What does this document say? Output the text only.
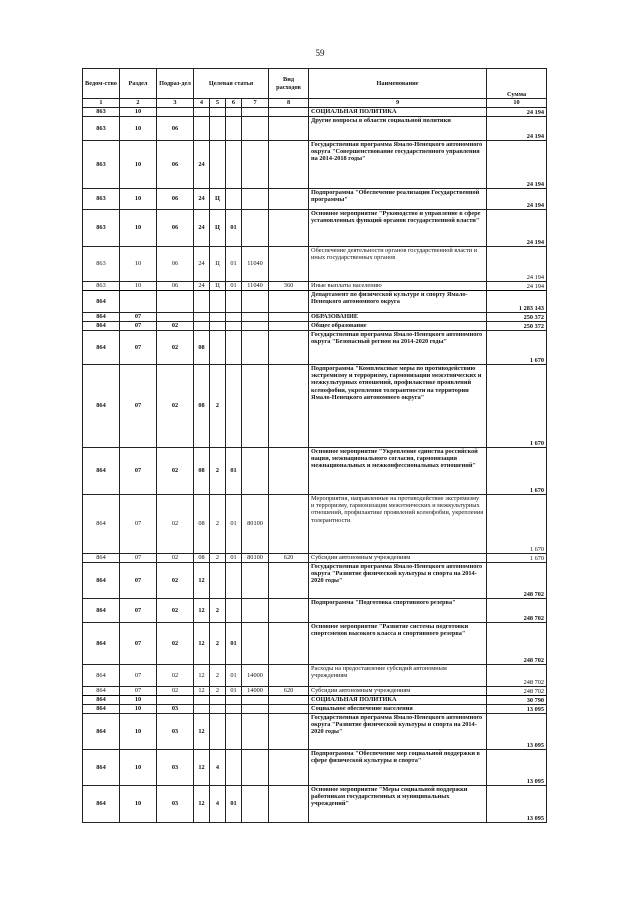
59
Ведом-ство	Раздел	Подраз-дел	Целевая статья				Вид расходов	Наименование	Сумма

1	2	3	4	5	6	7	8	9	10
863	10							СОЦИАЛЬНАЯ ПОЛИТИКА	24 194
863	10	06						Другие вопросы в области социальной политики	24 194
863	10	06	24					Государственная программа Ямало-Ненецкого автономного округа "Совершенствование государственного управления на 2014-2018 годы"	24 194
863	10	06	24	Ц				Подпрограмма "Обеспечение реализации Государственной программы"	24 194
863	10	06	24	Ц	01			Основное мероприятие "Руководство и управление в сфере установленных функций органов государственной власти"	24 194
863	10	06	24	Ц	01	11040		Обеспечение деятельности органов государственной власти и иных государственных органов	24 194
863	10	06	24	Ц	01	11040	360	Иные выплаты населению	24 194
864								Департамент по физической культуре и спорту Ямало-Ненецкого автономного округа	1 283 143
864	07							ОБРАЗОВАНИЕ	250 372
864	07	02						Общее образование	250 372
864	07	02	08					Государственная программа Ямало-Ненецкого автономного округа "Безопасный регион на 2014-2020 годы"	1 670
864	07	02	08	2				Подпрограмма "Комплексные меры по противодействию экстремизму и терроризму, гармонизации межэтнических и межкультурных отношений, профилактике проявлений ксенофобии, укрепления толерантности на территории Ямало-Ненецкого автономного округа"	1 670
864	07	02	08	2	01			Основное мероприятие "Укрепление единства российской нации, межнационального согласия, гармонизация межнациональных и межконфессиональных отношений"	1 670
864	07	02	08	2	01	80100		Мероприятия, направленные на противодействие экстремизму и терроризму, гармонизации межэтнических и межкультурных отношений, профилактике проявлений ксенофобии, укрепления толерантности	1 670
864	07	02	08	2	01	80100	620	Субсидии автономным учреждениям	1 670
864	07	02	12					Государственная программа Ямало-Ненецкого автономного округа "Развитие физической культуры и спорта на 2014-2020 годы"	248 702
864	07	02	12	2				Подпрограмма "Подготовка спортивного резерва"	248 702
864	07	02	12	2	01			Основное мероприятие "Развитие системы подготовки спортсменов высокого класса и спортивного резерва"	248 702
864	07	02	12	2	01	14000		Расходы на предоставление субсидий автономным учреждениям	248 702
864	07	02	12	2	01	14000	620	Субсидии автономным учреждениям	248 702
864	10							СОЦИАЛЬНАЯ ПОЛИТИКА	30 790
864	10	03						Социальное обеспечение населения	13 095
864	10	03	12					Государственная программа Ямало-Ненецкого автономного округа "Развитие физической культуры и спорта на 2014-2020 годы"	13 095
864	10	03	12	4				Подпрограмма "Обеспечение мер социальной поддержки в сфере физической культуры и спорта"	13 095
864	10	03	12	4	01			Основное мероприятие "Меры социальной поддержки работникам государственных и муниципальных учреждений"	13 095
